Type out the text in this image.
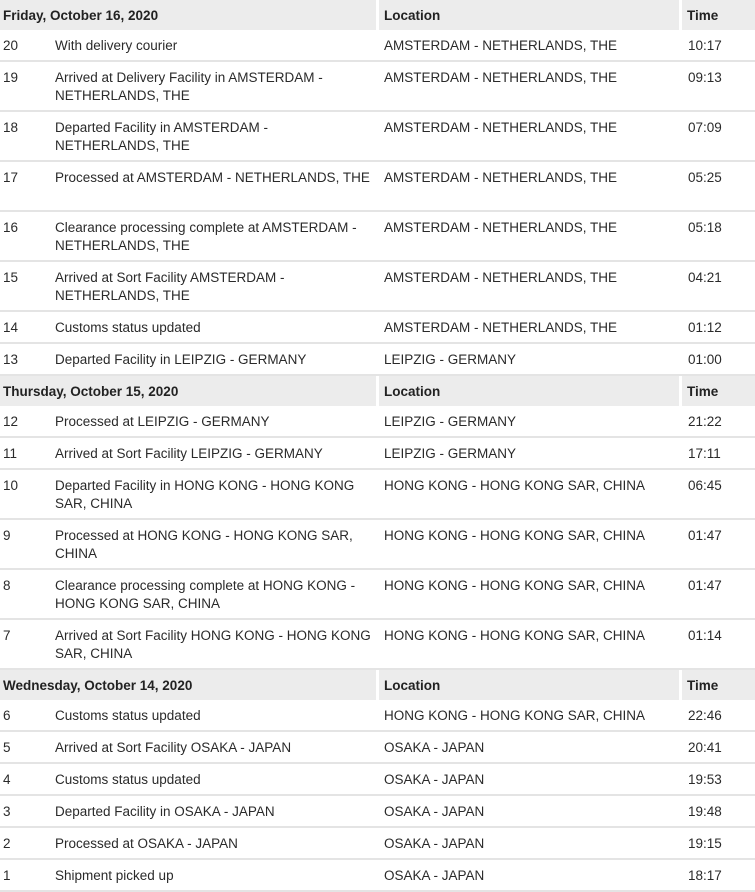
Friday, October 16, 2020		Location	Time
20	With delivery courier	AMSTERDAM - NETHERLANDS, THE	10:17
19	Arrived at Delivery Facility in AMSTERDAM - NETHERLANDS, THE	AMSTERDAM - NETHERLANDS, THE	09:13
18	Departed Facility in AMSTERDAM - NETHERLANDS, THE	AMSTERDAM - NETHERLANDS, THE	07:09
17	Processed at AMSTERDAM - NETHERLANDS, THE	AMSTERDAM - NETHERLANDS, THE	05:25
16	Clearance processing complete at AMSTERDAM - NETHERLANDS, THE	AMSTERDAM - NETHERLANDS, THE	05:18
15	Arrived at Sort Facility AMSTERDAM - NETHERLANDS, THE	AMSTERDAM - NETHERLANDS, THE	04:21
14	Customs status updated	AMSTERDAM - NETHERLANDS, THE	01:12
13	Departed Facility in LEIPZIG - GERMANY	LEIPZIG - GERMANY	01:00
Thursday, October 15, 2020		Location	Time
12	Processed at LEIPZIG - GERMANY	LEIPZIG - GERMANY	21:22
11	Arrived at Sort Facility LEIPZIG - GERMANY	LEIPZIG - GERMANY	17:11
10	Departed Facility in HONG KONG - HONG KONG SAR, CHINA	HONG KONG - HONG KONG SAR, CHINA	06:45
9	Processed at HONG KONG - HONG KONG SAR, CHINA	HONG KONG - HONG KONG SAR, CHINA	01:47
8	Clearance processing complete at HONG KONG - HONG KONG SAR, CHINA	HONG KONG - HONG KONG SAR, CHINA	01:47
7	Arrived at Sort Facility HONG KONG - HONG KONG SAR, CHINA	HONG KONG - HONG KONG SAR, CHINA	01:14
Wednesday, October 14, 2020		Location	Time
6	Customs status updated	HONG KONG - HONG KONG SAR, CHINA	22:46
5	Arrived at Sort Facility OSAKA - JAPAN	OSAKA - JAPAN	20:41
4	Customs status updated	OSAKA - JAPAN	19:53
3	Departed Facility in OSAKA - JAPAN	OSAKA - JAPAN	19:48
2	Processed at OSAKA - JAPAN	OSAKA - JAPAN	19:15
1	Shipment picked up	OSAKA - JAPAN	18:17
